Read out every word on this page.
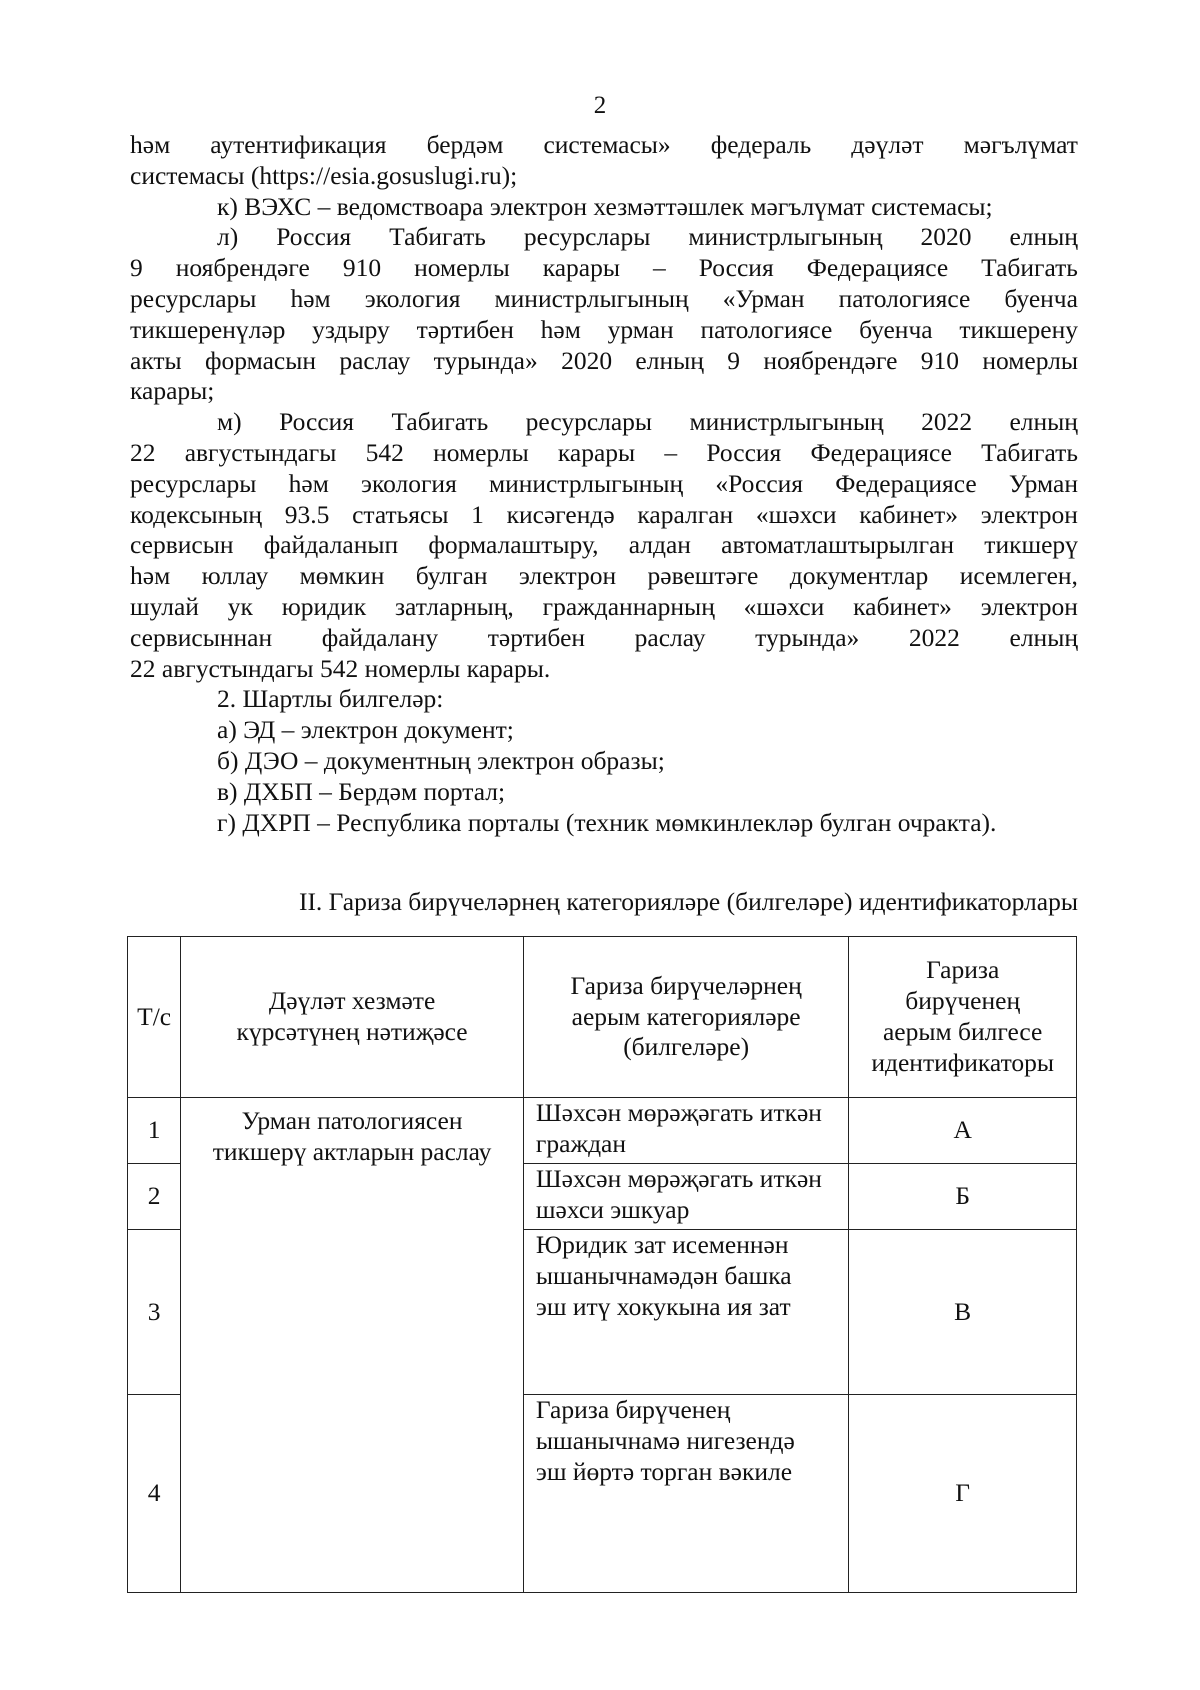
2

һәм аутентификация бердәм системасы» федераль дәүләт мәгълүмат
системасы (https://esia.gosuslugi.ru);

к) ВЭХС – ведомствоара электрон хезмәттәшлек мәгълүмат системасы;

л) Россия Табигать ресурслары министрлыгының 2020 елның
9 ноябрендәге 910 номерлы карары – Россия Федерациясе Табигать
ресурслары һәм экология министрлыгының «Урман патологиясе буенча
тикшеренүләр уздыру тәртибен һәм урман патологиясе буенча тикшерену
акты формасын раслау турында» 2020 елның 9 ноябрендәге 910 номерлы
карары;

м) Россия Табигать ресурслары министрлыгының 2022 елның
22 августындагы 542 номерлы карары – Россия Федерациясе Табигать
ресурслары һәм экология министрлыгының «Россия Федерациясе Урман
кодексының 93.5 статьясы 1 кисәгендә каралган «шәхси кабинет» электрон
сервисын файдаланып формалаштыру, алдан автоматлаштырылган тикшерү
һәм юллау мөмкин булган электрон рәвештәге документлар исемлеген,
шулай ук юридик затларның, гражданнарның «шәхси кабинет» электрон
сервисыннан файдалану тәртибен раслау турында» 2022 елның
22 августындагы 542 номерлы карары.

2. Шартлы билгеләр:

а) ЭД – электрон документ;

б) ДЭО – документның электрон образы;

в) ДХБП – Бердәм портал;

г) ДХРП – Республика порталы (техник мөмкинлекләр булган очракта).

II. Гариза бирүчеләрнең категорияләре (билгеләре) идентификаторлары
Т/с	Дәүләт хезмәте күрсәтүнең нәтиҗәсе	Гариза бирүчеләрнең аерым категорияләре (билгеләре)	Гариза бирүченең аерым билгесе идентификаторы
1	Урман патологиясен тикшерү актларын раслау	Шәхсән мөрәҗәгать иткән граждан	А
2		Шәхсән мөрәҗәгать иткән шәхси эшкуар	Б
3		Юридик зат исеменнән ышанычнамәдән башка эш итү хокукына ия зат	В
4		Гариза бирүченең ышанычнамә нигезендә эш йөртә торган вәкиле	Г
